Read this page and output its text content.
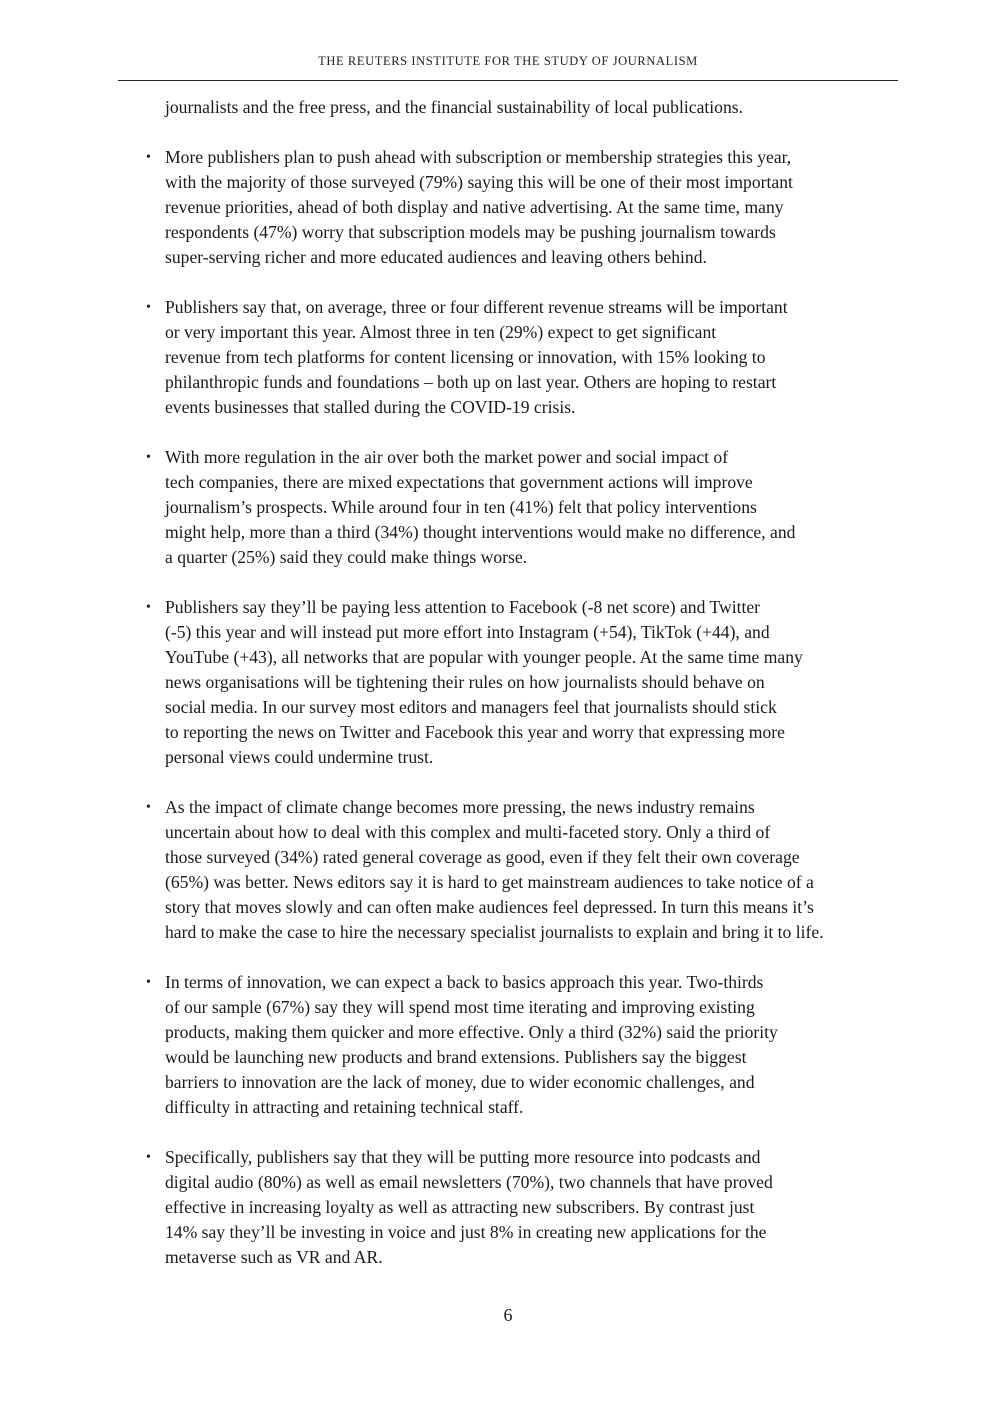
THE REUTERS INSTITUTE FOR THE STUDY OF JOURNALISM

journalists and the free press, and the financial sustainability of local publications.

• More publishers plan to push ahead with subscription or membership strategies this year,
with the majority of those surveyed (79%) saying this will be one of their most important
revenue priorities, ahead of both display and native advertising. At the same time, many
respondents (47%) worry that subscription models may be pushing journalism towards
super-serving richer and more educated audiences and leaving others behind.
• Publishers say that, on average, three or four different revenue streams will be important
or very important this year. Almost three in ten (29%) expect to get significant
revenue from tech platforms for content licensing or innovation, with 15% looking to
philanthropic funds and foundations – both up on last year. Others are hoping to restart
events businesses that stalled during the COVID-19 crisis.
• With more regulation in the air over both the market power and social impact of
tech companies, there are mixed expectations that government actions will improve
journalism’s prospects. While around four in ten (41%) felt that policy interventions
might help, more than a third (34%) thought interventions would make no difference, and
a quarter (25%) said they could make things worse.
• Publishers say they’ll be paying less attention to Facebook (-8 net score) and Twitter
(-5) this year and will instead put more effort into Instagram (+54), TikTok (+44), and
YouTube (+43), all networks that are popular with younger people. At the same time many
news organisations will be tightening their rules on how journalists should behave on
social media. In our survey most editors and managers feel that journalists should stick
to reporting the news on Twitter and Facebook this year and worry that expressing more
personal views could undermine trust.
• As the impact of climate change becomes more pressing, the news industry remains
uncertain about how to deal with this complex and multi-faceted story. Only a third of
those surveyed (34%) rated general coverage as good, even if they felt their own coverage
(65%) was better. News editors say it is hard to get mainstream audiences to take notice of a
story that moves slowly and can often make audiences feel depressed. In turn this means it’s
hard to make the case to hire the necessary specialist journalists to explain and bring it to life.
• In terms of innovation, we can expect a back to basics approach this year. Two-thirds
of our sample (67%) say they will spend most time iterating and improving existing
products, making them quicker and more effective. Only a third (32%) said the priority
would be launching new products and brand extensions. Publishers say the biggest
barriers to innovation are the lack of money, due to wider economic challenges, and
difficulty in attracting and retaining technical staff.
• Specifically, publishers say that they will be putting more resource into podcasts and
digital audio (80%) as well as email newsletters (70%), two channels that have proved
effective in increasing loyalty as well as attracting new subscribers. By contrast just
14% say they’ll be investing in voice and just 8% in creating new applications for the
metaverse such as VR and AR.
6
